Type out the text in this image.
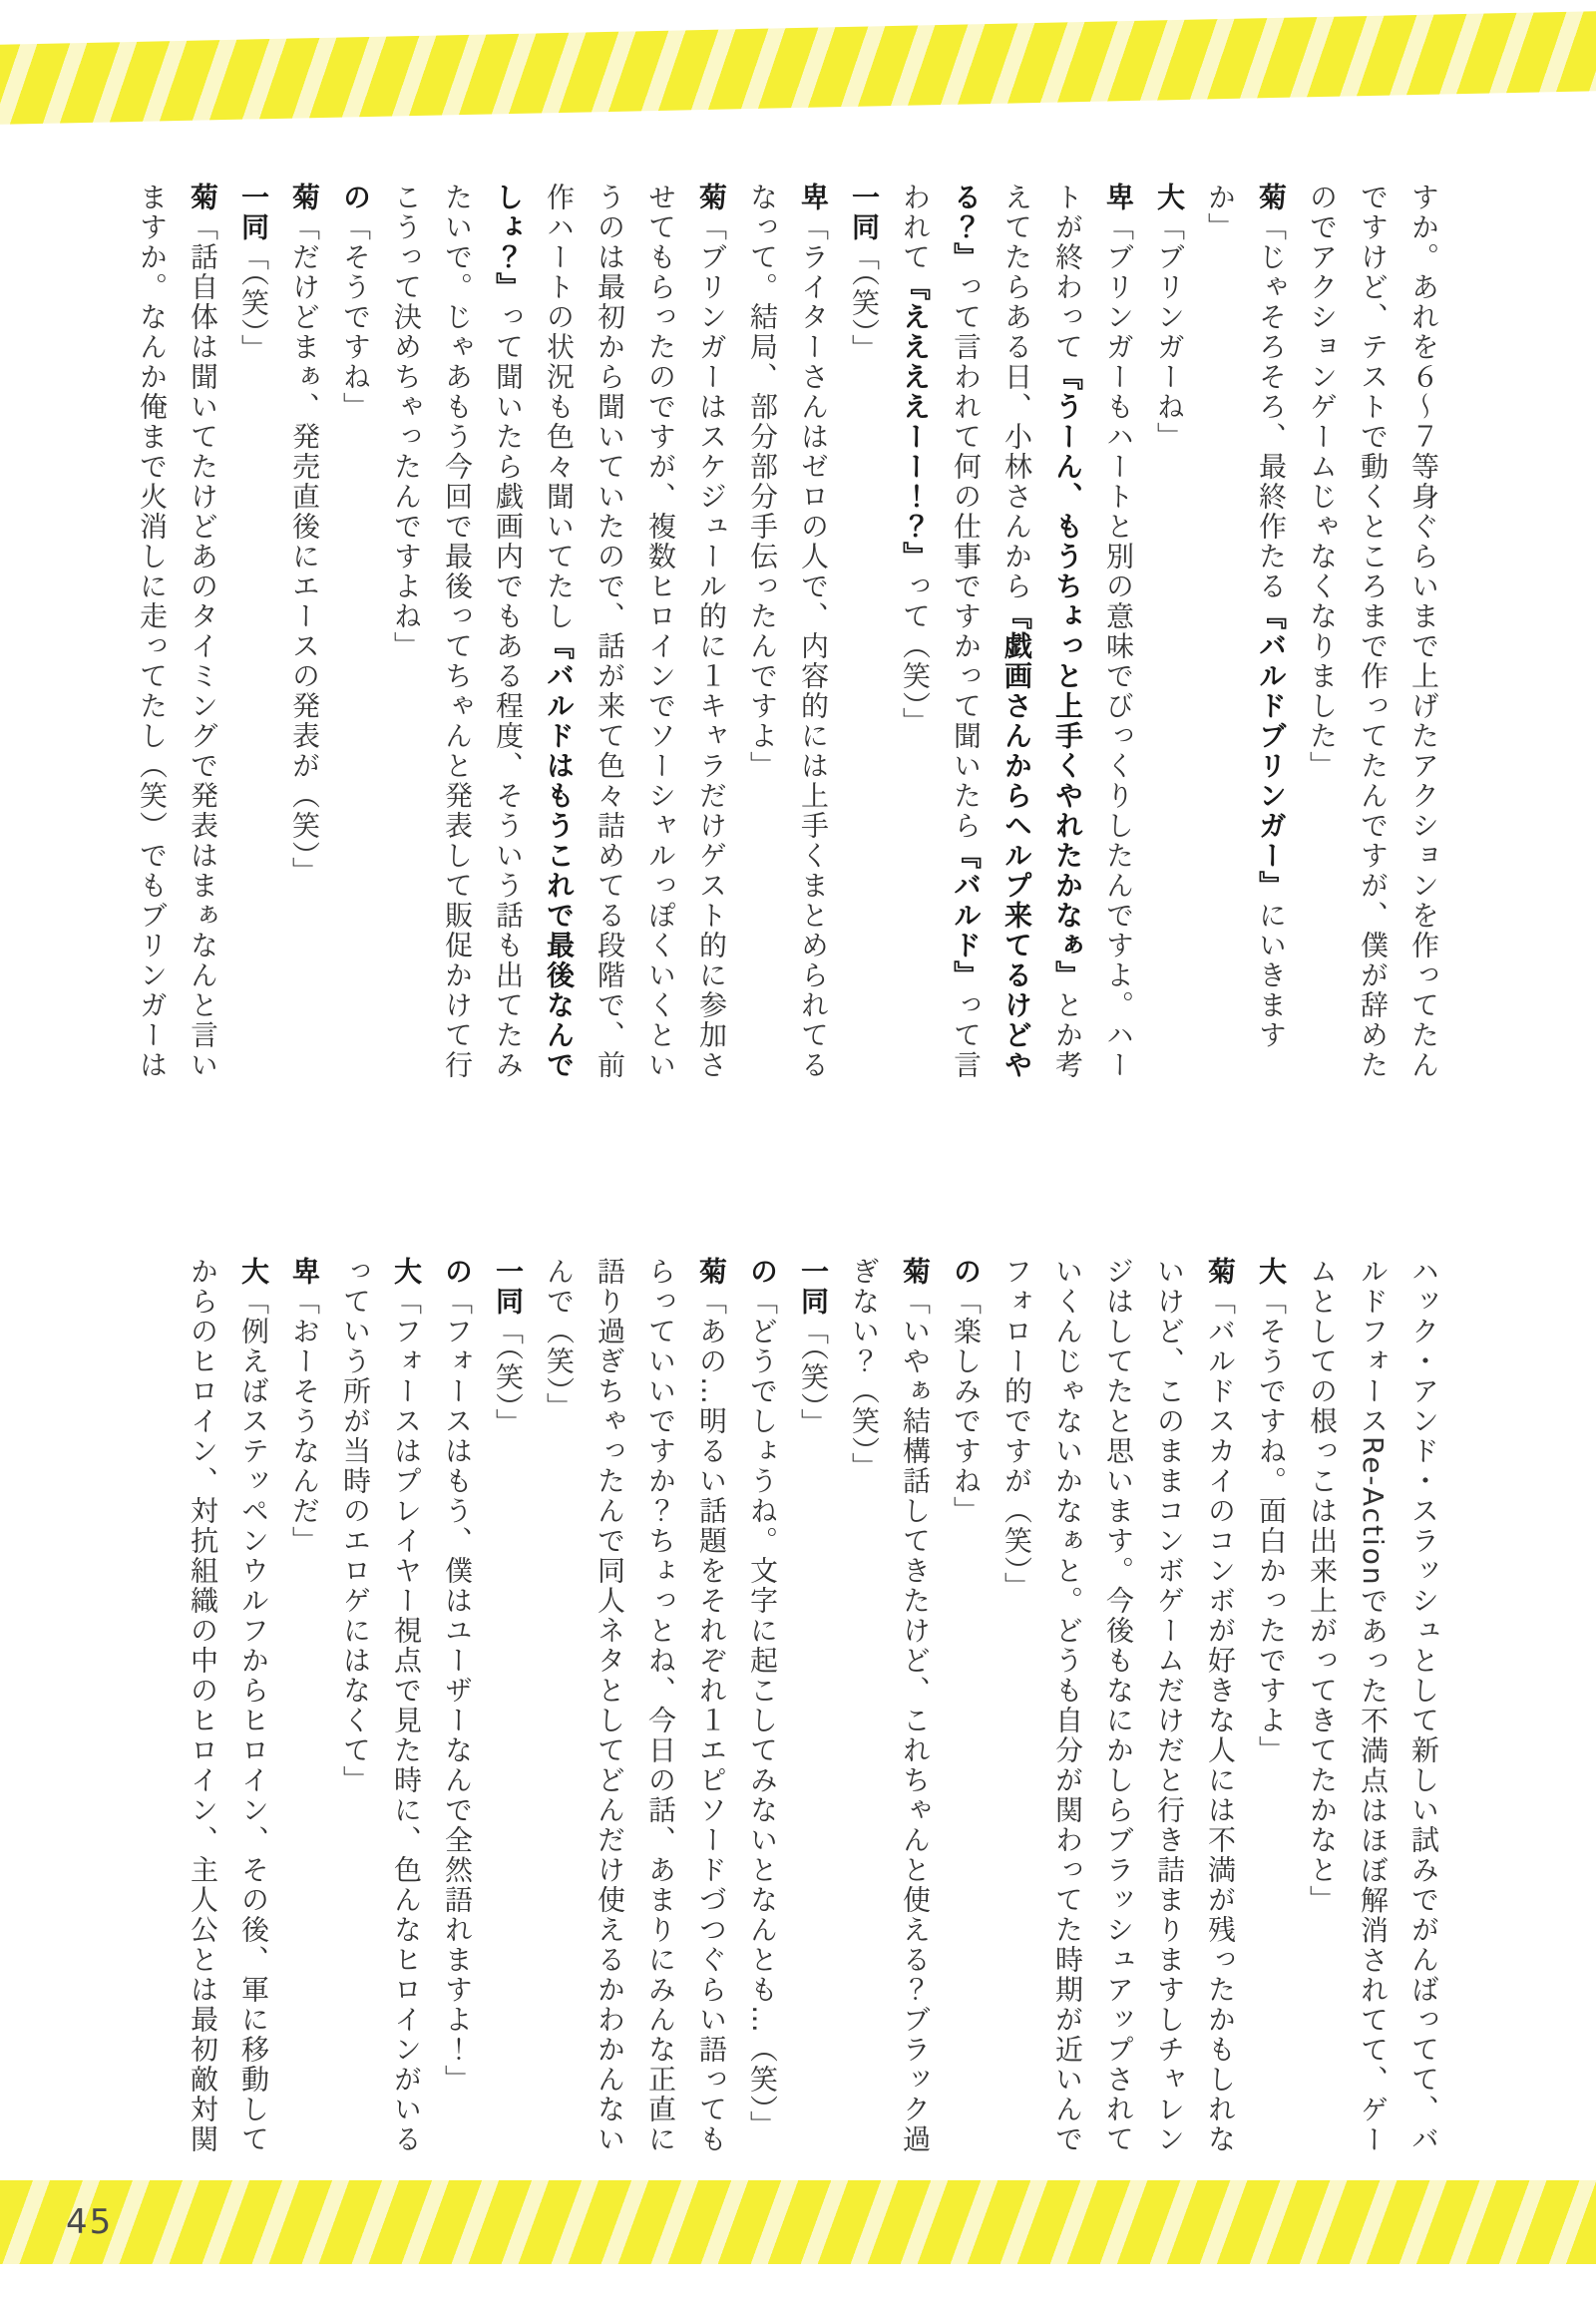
すか。あれを６～７等身ぐらいまで上げたアクションを作ってたんですけど、テストで動くところまで作ってたんですが、僕が辞めたのでアクションゲームじゃなくなりました」

菊「じゃそろそろ、最終作たる『バルドブリンガー』にいきますか」

大「ブリンガーね」

卑「ブリンガーもハートと別の意味でびっくりしたんですよ。ハートが終わって『うーん、もうちょっと上手くやれたかなぁ』とか考えてたらある日、小林さんから『戯画さんからヘルプ来てるけどやる？』って言われて何の仕事ですかって聞いたら『バルド』って言われて『ええええーー！？』って（笑）」

一同「（笑）」

卑「ライターさんはゼロの人で、内容的には上手くまとめられてるなって。結局、部分部分手伝ったんですよ」

菊「ブリンガーはスケジュール的に１キャラだけゲスト的に参加させてもらったのですが、複数ヒロインでソーシャルっぽくいくというのは最初から聞いていたので、話が来て色々詰めてる段階で、前作ハートの状況も色々聞いてたし『バルドはもうこれで最後なんでしょ？』って聞いたら戯画内でもある程度、そういう話も出てたみたいで。じゃあもう今回で最後ってちゃんと発表して販促かけて行こうって決めちゃったんですよね」

の「そうですね」

菊「だけどまぁ、発売直後にエースの発表が（笑）」

一同「（笑）」

菊「話自体は聞いてたけどあのタイミングで発表はまぁなんと言いますか。なんか俺まで火消しに走ってたし（笑）でもブリンガーは

ハック・アンド・スラッシュとして新しい試みでがんばってて、バルドフォースRe-Actionであった不満点はほぼ解消されてて、ゲームとしての根っこは出来上がってきてたかなと」

大「そうですね。面白かったですよ」

菊「バルドスカイのコンボが好きな人には不満が残ったかもしれないけど、このままコンボゲームだけだと行き詰まりますしチャレンジはしてたと思います。今後もなにかしらブラッシュアップされていくんじゃないかなぁと。どうも自分が関わってた時期が近いんでフォロー的ですが（笑）」

の「楽しみですね」

菊「いやぁ結構話してきたけど、これちゃんと使える？ブラック過ぎない？（笑）」

一同「（笑）」

の「どうでしょうね。文字に起こしてみないとなんとも…（笑）」

菊「あの…明るい話題をそれぞれ１エピソードづつぐらい語ってもらっていいですか？ちょっとね、今日の話、あまりにみんな正直に語り過ぎちゃったんで同人ネタとしてどんだけ使えるかわかんないんで（笑）」

一同「（笑）」

の「フォースはもう、僕はユーザーなんで全然語れますよ！」

大「フォースはプレイヤー視点で見た時に、色んなヒロインがいるっていう所が当時のエロゲにはなくて」

卑「おーそうなんだ」

大「例えばステッペンウルフからヒロイン、その後、軍に移動してからのヒロイン、対抗組織の中のヒロイン、主人公とは最初敵対関

45
